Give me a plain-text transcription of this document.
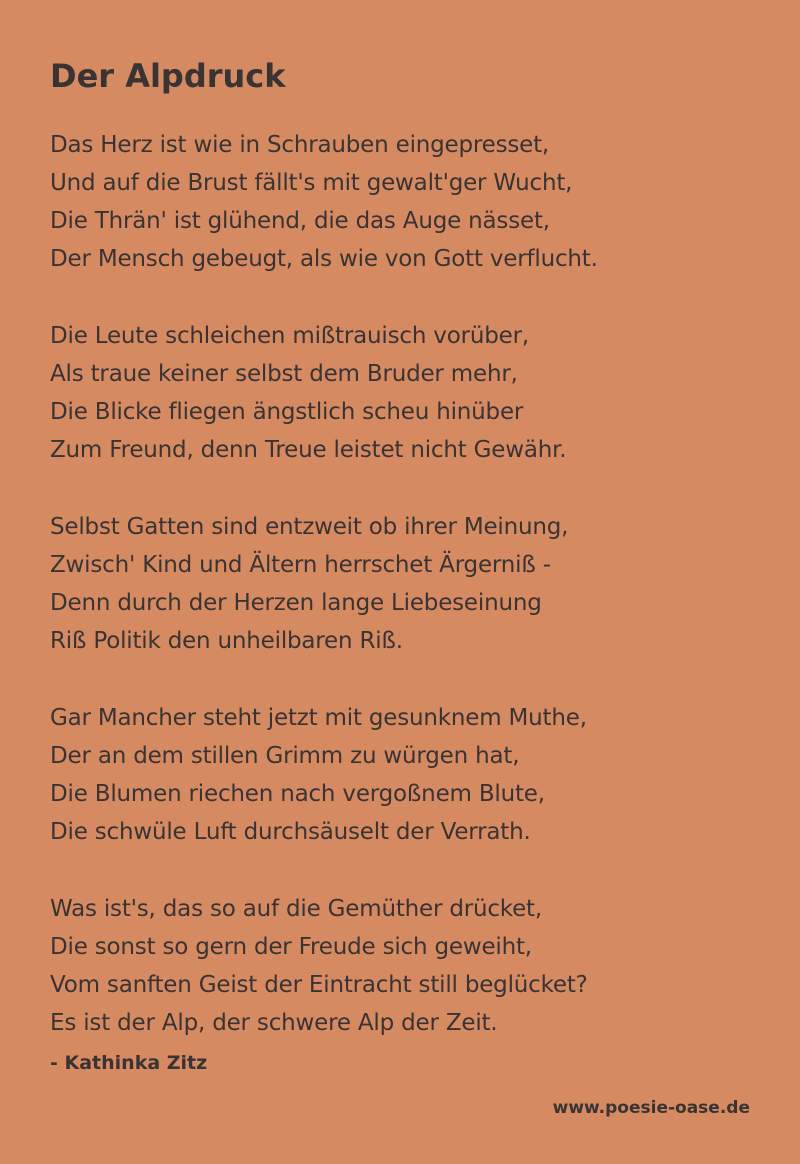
Der Alpdruck
Das Herz ist wie in Schrauben eingepresset,
Und auf die Brust fällt's mit gewalt'ger Wucht,
Die Thrän' ist glühend, die das Auge nässet,
Der Mensch gebeugt, als wie von Gott verflucht.
Die Leute schleichen mißtrauisch vorüber,
Als traue keiner selbst dem Bruder mehr,
Die Blicke fliegen ängstlich scheu hinüber
Zum Freund, denn Treue leistet nicht Gewähr.
Selbst Gatten sind entzweit ob ihrer Meinung,
Zwisch' Kind und Ältern herrschet Ärgerniß -
Denn durch der Herzen lange Liebeseinung
Riß Politik den unheilbaren Riß.
Gar Mancher steht jetzt mit gesunknem Muthe,
Der an dem stillen Grimm zu würgen hat,
Die Blumen riechen nach vergoßnem Blute,
Die schwüle Luft durchsäuselt der Verrath.
Was ist's, das so auf die Gemüther drücket,
Die sonst so gern der Freude sich geweiht,
Vom sanften Geist der Eintracht still beglücket?
Es ist der Alp, der schwere Alp der Zeit.
- Kathinka Zitz
www.poesie-oase.de
